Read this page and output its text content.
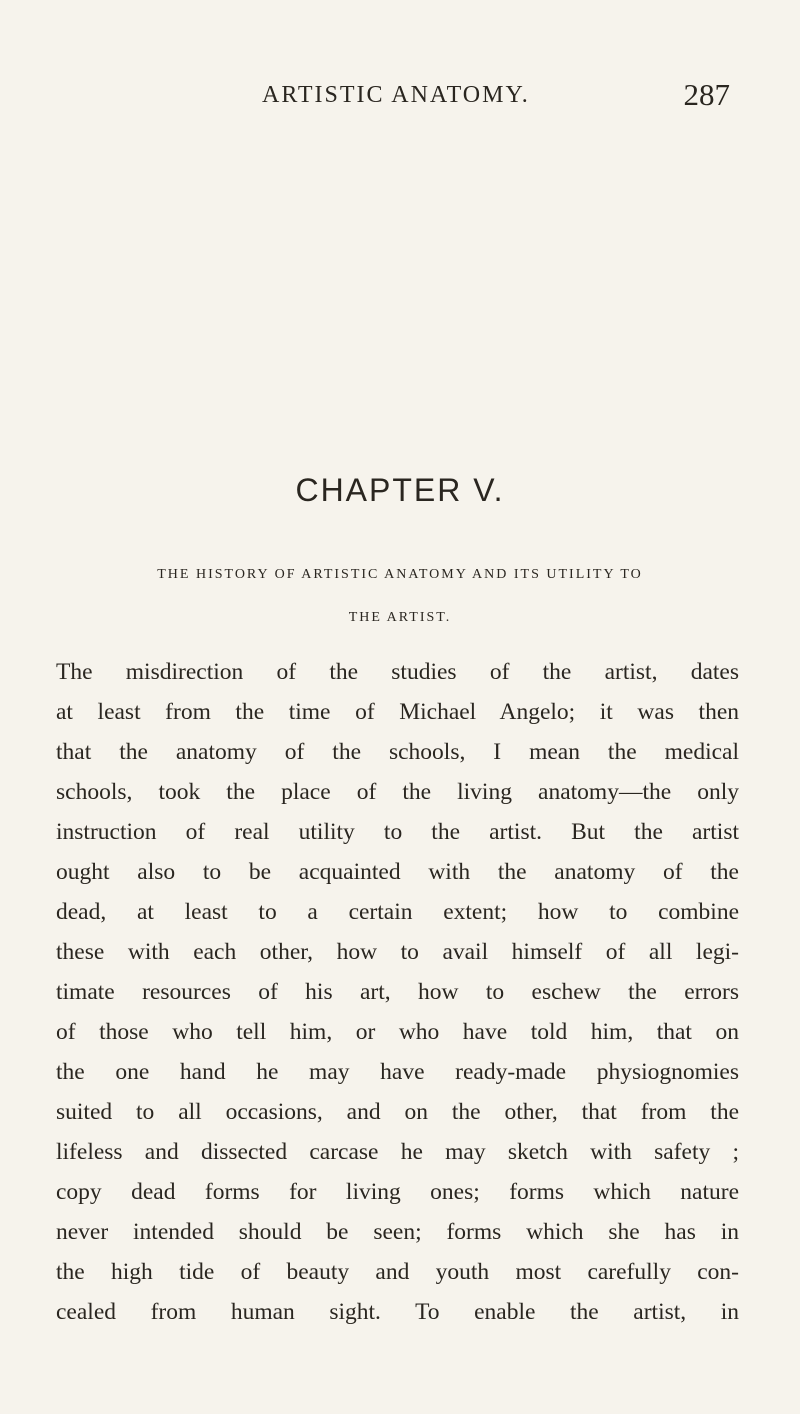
ARTISTIC ANATOMY.	287
CHAPTER V.
THE HISTORY OF ARTISTIC ANATOMY AND ITS UTILITY TO
THE ARTIST.
The misdirection of the studies of the artist, dates
at least from the time of Michael Angelo; it was then
that the anatomy of the schools, I mean the medical
schools, took the place of the living anatomy—the only
instruction of real utility to the artist. But the artist
ought also to be acquainted with the anatomy of the
dead, at least to a certain extent; how to combine
these with each other, how to avail himself of all legi-
timate resources of his art, how to eschew the errors
of those who tell him, or who have told him, that on
the one hand he may have ready-made physiognomies
suited to all occasions, and on the other, that from the
lifeless and dissected carcase he may sketch with safety ;
copy dead forms for living ones; forms which nature
never intended should be seen; forms which she has in
the high tide of beauty and youth most carefully con-
cealed from human sight. To enable the artist, in
